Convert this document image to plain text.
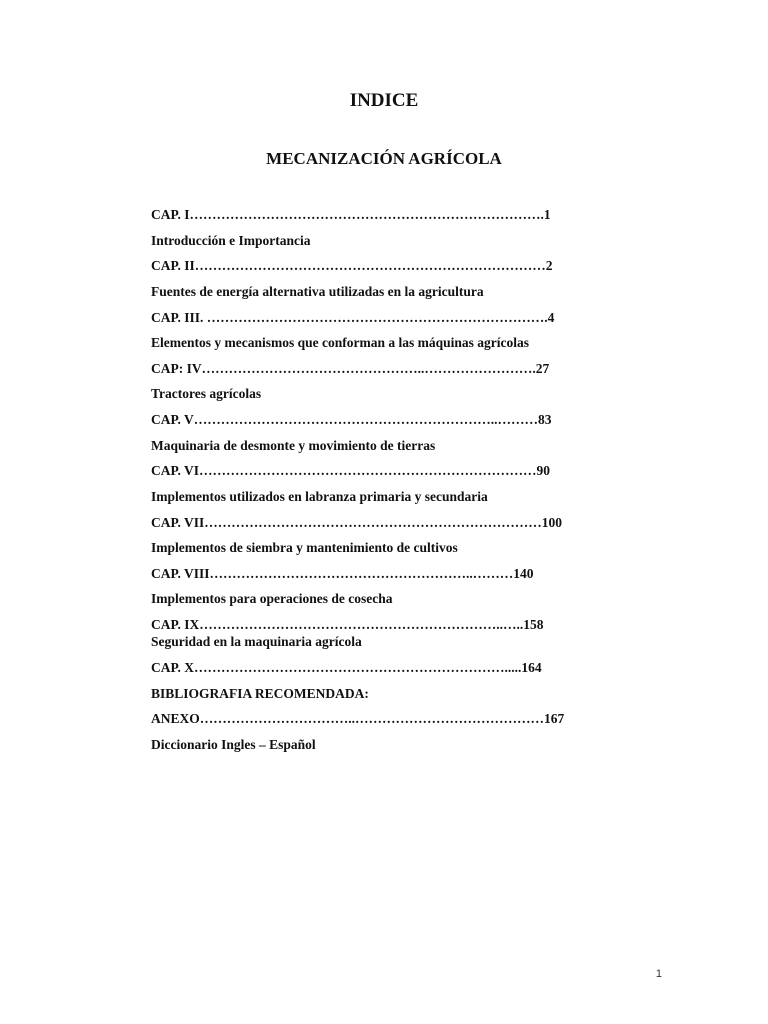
INDICE
MECANIZACIÓN AGRÍCOLA
CAP. I…………………………………………………………………….1
Introducción e Importancia
CAP. II……………………………………………………………………2
Fuentes de energía alternativa utilizadas en la agricultura
CAP. III. ………………………………………………………………….4
Elementos y mecanismos que conforman a las máquinas agrícolas
CAP: IV…………………………………………..…………………….27
Tractores agrícolas
CAP. V…………………………………………………………..………83
Maquinaria de desmonte y movimiento de tierras
CAP. VI…………………………………………………………………90
Implementos utilizados en labranza primaria y secundaria
CAP. VII…………………………………………………………………100
Implementos de siembra y mantenimiento de cultivos
CAP. VIII…………………………………………………..………140
Implementos para operaciones de cosecha
CAP. IX…………………………………………………………..…..158
Seguridad en la maquinaria agrícola
CAP. X…………………………………………………………….....164
BIBLIOGRAFIA RECOMENDADA:
ANEXO……………………………..……………………………………167
Diccionario Ingles – Español
1
